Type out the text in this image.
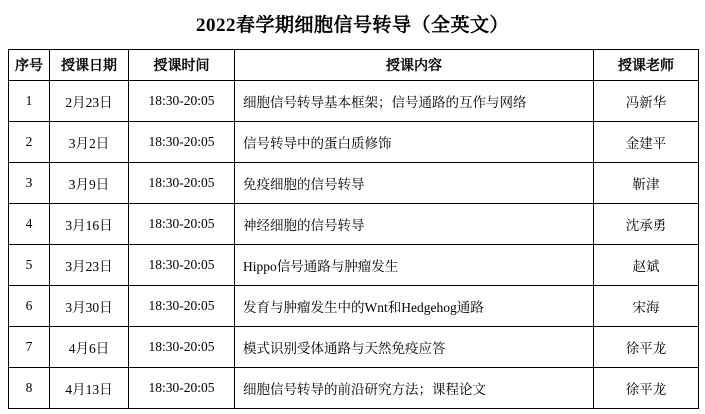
2022春学期细胞信号转导（全英文）
序号	授课日期	授课时间	授课内容	授课老师
1	2月23日	18:30-20:05	细胞信号转导基本框架；信号通路的互作与网络	冯新华
2	3月2日	18:30-20:05	信号转导中的蛋白质修饰	金建平
3	3月9日	18:30-20:05	免疫细胞的信号转导	靳津
4	3月16日	18:30-20:05	神经细胞的信号转导	沈承勇
5	3月23日	18:30-20:05	Hippo信号通路与肿瘤发生	赵斌
6	3月30日	18:30-20:05	发育与肿瘤发生中的Wnt和Hedgehog通路	宋海
7	4月6日	18:30-20:05	模式识别受体通路与天然免疫应答	徐平龙
8	4月13日	18:30-20:05	细胞信号转导的前沿研究方法；课程论文	徐平龙
